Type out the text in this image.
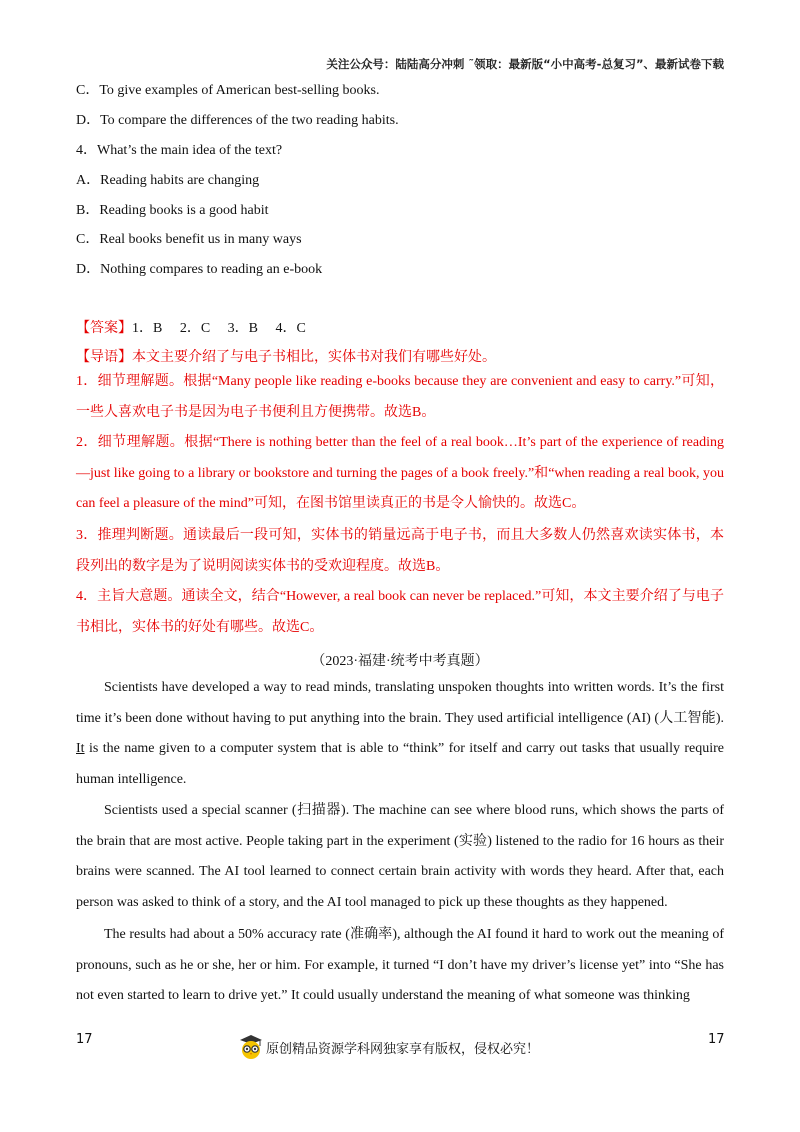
关注公众号：陆陆高分冲刺 ˜领取：最新版“小中高考-总复习”、最新试卷下载
C．To give examples of American best-selling books.
D．To compare the differences of the two reading habits.
4．What’s the main idea of the text?
A．Reading habits are changing
B．Reading books is a good habit
C．Real books benefit us in many ways
D．Nothing compares to reading an e-book
【答案】1．B　 2．C　 3．B　 4．C
【导语】本文主要介绍了与电子书相比，实体书对我们有哪些好处。
1．细节理解题。根据“Many people like reading e-books because they are convenient and easy to carry.”可知，一些人喜欢电子书是因为电子书便利且方便携带。故选B。
2．细节理解题。根据“There is nothing better than the feel of a real book…It’s part of the experience of reading—just like going to a library or bookstore and turning the pages of a book freely.”和“when reading a real book, you can feel a pleasure of the mind”可知，在图书馆里读真正的书是令人愉快的。故选C。
3．推理判断题。通读最后一段可知，实体书的销量远高于电子书，而且大多数人仍然喜欢读实体书，本段列出的数字是为了说明阅读实体书的受欢迎程度。故选B。
4．主旨大意题。通读全文，结合“However, a real book can never be replaced.”可知，本文主要介绍了与电子书相比，实体书的好处有哪些。故选C。
（2023·福建·统考中考真题）
Scientists have developed a way to read minds, translating unspoken thoughts into written words. It’s the first time it’s been done without having to put anything into the brain. They used artificial intelligence (AI) (人工智能). It is the name given to a computer system that is able to “think” for itself and carry out tasks that usually require human intelligence.
Scientists used a special scanner (扫描器). The machine can see where blood runs, which shows the parts of the brain that are most active. People taking part in the experiment (实验) listened to the radio for 16 hours as their brains were scanned. The AI tool learned to connect certain brain activity with words they heard. After that, each person was asked to think of a story, and the AI tool managed to pick up these thoughts as they happened.
The results had about a 50% accuracy rate (准确率), although the AI found it hard to work out the meaning of pronouns, such as he or she, her or him. For example, it turned “I don’t have my driver’s license yet” into “She has not even started to learn to drive yet.” It could usually understand the meaning of what someone was thinking
17	17
原创精品资源学科网独家享有版权，侵权必究！
